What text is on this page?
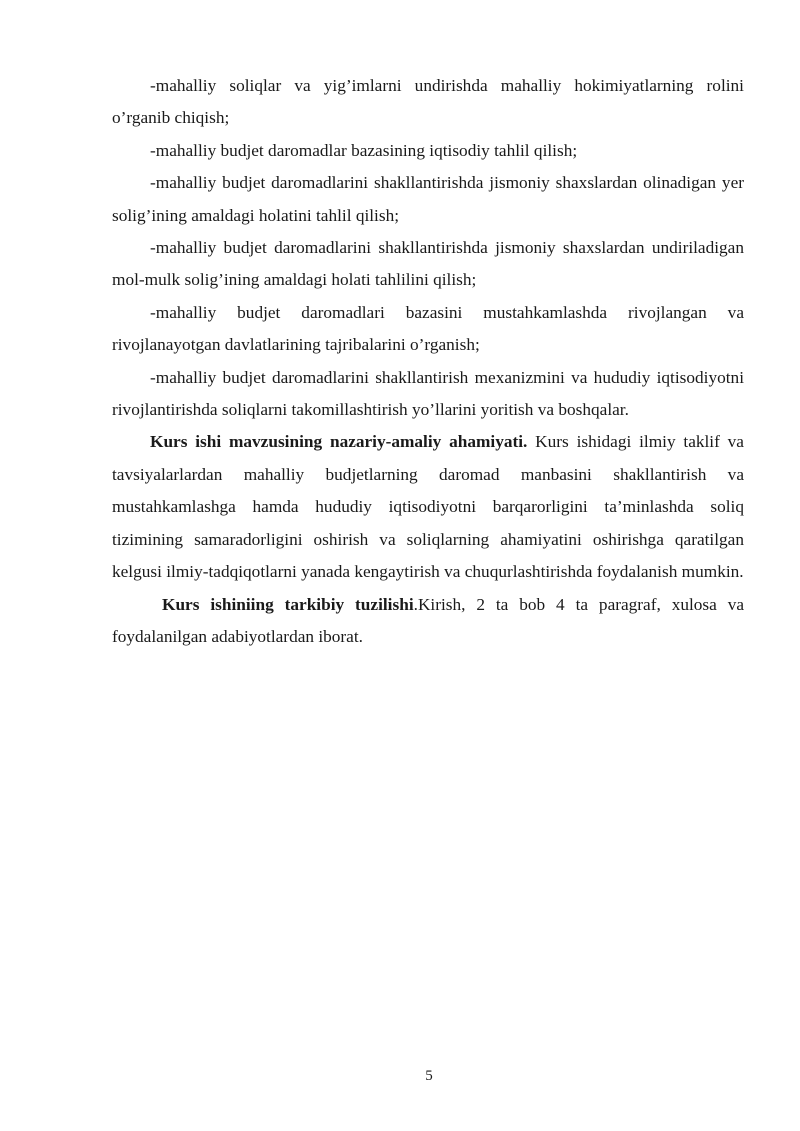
-mahalliy soliqlar va yig’imlarni undirishda mahalliy hokimiyatlarning rolini o’rganib chiqish;

-mahalliy budjet daromadlar bazasining iqtisodiy tahlil qilish;

-mahalliy budjet daromadlarini shakllantirishda jismoniy shaxslardan olinadigan yer solig’ining amaldagi holatini tahlil qilish;

-mahalliy budjet daromadlarini shakllantirishda jismoniy shaxslardan undiriladigan mol-mulk solig’ining amaldagi holati tahlilini qilish;

-mahalliy budjet daromadlari bazasini mustahkamlashda rivojlangan va rivojlanayotgan davlatlarining tajribalarini o’rganish;

-mahalliy budjet daromadlarini shakllantirish mexanizmini va hududiy iqtisodiyotni rivojlantirishda soliqlarni takomillashtirish yo’llarini yoritish va boshqalar.

Kurs ishi mavzusining nazariy-amaliy ahamiyati. Kurs ishidagi ilmiy taklif va tavsiyalarlardan mahalliy budjetlarning daromad manbasini shakllantirish va mustahkamlashga hamda hududiy iqtisodiyotni barqarorligini ta’minlashda soliq tizimining samaradorligini oshirish va soliqlarning ahamiyatini oshirishga qaratilgan kelgusi ilmiy-tadqiqotlarni yanada kengaytirish va chuqurlashtirishda foydalanish mumkin.

Kurs ishiniing tarkibiy tuzilishi.Kirish, 2 ta bob 4 ta paragraf, xulosa va foydalanilgan adabiyotlardan iborat.

5
